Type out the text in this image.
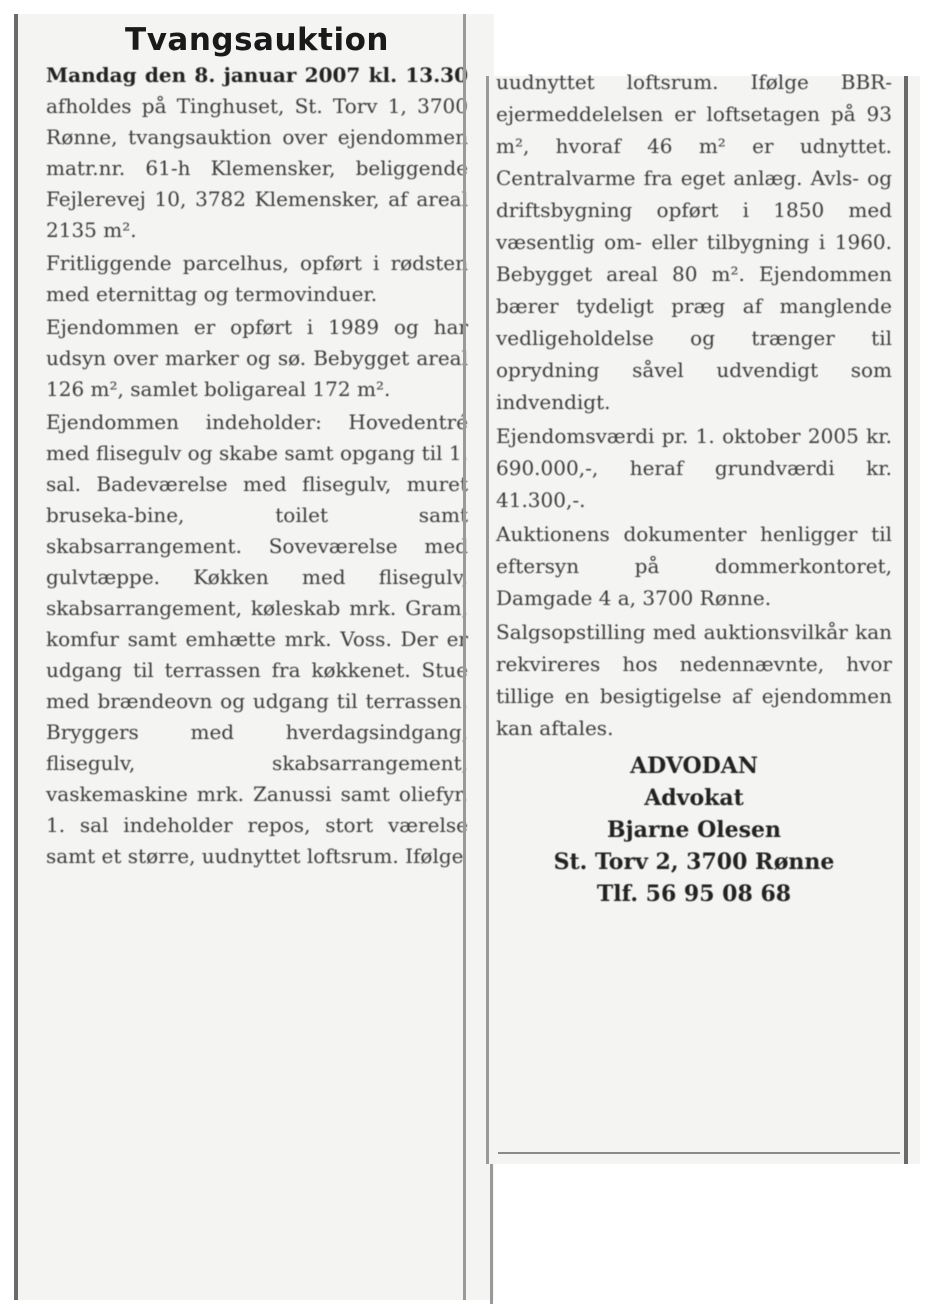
Tvangsauktion

Mandag den 8. januar 2007 kl. 13.30 afholdes på Tinghuset, St. Torv 1, 3700 Rønne, tvangsauktion over ejendommen matr.nr. 61-h Klemensker, beliggende Fejlerevej 10, 3782 Klemensker, af areal 2135 m².

Fritliggende parcelhus, opført i rødsten med eternittag og termovinduer.

Ejendommen er opført i 1989 og har udsyn over marker og sø. Bebygget areal 126 m², samlet boligareal 172 m².

Ejendommen indeholder: Hovedentré med flisegulv og skabe samt opgang til 1. sal. Badeværelse med flisegulv, muret bruseka-bine, toilet samt skabsarrangement. Soveværelse med gulvtæppe. Køkken med flisegulv, skabsarrangement, køleskab mrk. Gram, komfur samt emhætte mrk. Voss. Der er udgang til terrassen fra køkkenet. Stue med brændeovn og udgang til terrassen. Bryggers med hverdagsindgang, flisegulv, skabsarrangement, vaskemaskine mrk. Zanussi samt oliefyr. 1. sal indeholder repos, stort værelse samt et større, uudnyttet loftsrum. Ifølge

uudnyttet loftsrum. Ifølge BBR-ejermeddelelsen er loftsetagen på 93 m², hvoraf 46 m² er udnyttet. Centralvarme fra eget anlæg. Avls- og driftsbygning opført i 1850 med væsentlig om- eller tilbygning i 1960. Bebygget areal 80 m². Ejendommen bærer tydeligt præg af manglende vedligeholdelse og trænger til oprydning såvel udvendigt som indvendigt.

Ejendomsværdi pr. 1. oktober 2005 kr. 690.000,-, heraf grundværdi kr. 41.300,-.

Auktionens dokumenter henligger til eftersyn på dommerkontoret, Damgade 4 a, 3700 Rønne.

Salgsopstilling med auktionsvilkår kan rekvireres hos nedennævnte, hvor tillige en besigtigelse af ejendommen kan aftales.

ADVODAN
Advokat
Bjarne Olesen
St. Torv 2, 3700 Rønne
Tlf. 56 95 08 68
